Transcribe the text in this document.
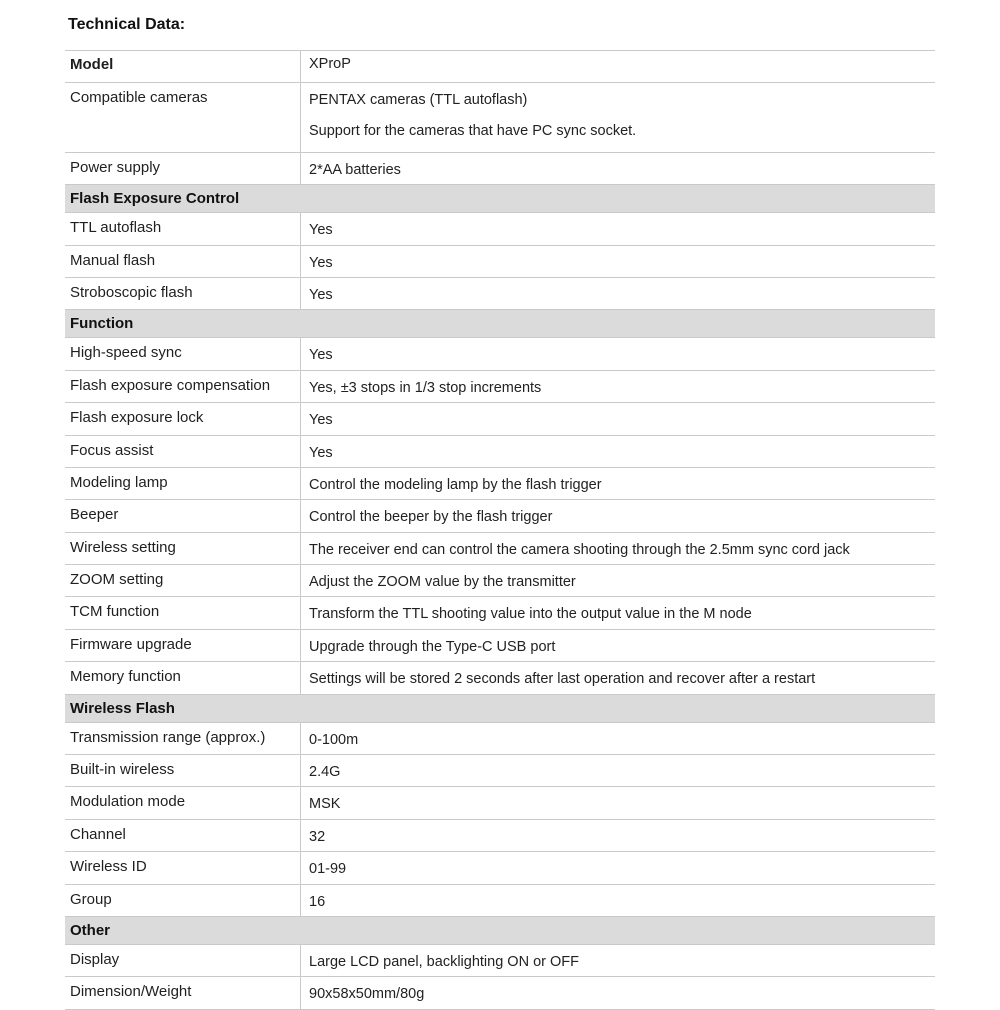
Technical Data:
Model	XProP
Compatible cameras	PENTAX cameras (TTL autoflash)
Support for the cameras that have PC sync socket.
Power supply	2*AA batteries
Flash Exposure Control
TTL autoflash	Yes
Manual flash	Yes
Stroboscopic flash	Yes
Function
High-speed sync	Yes
Flash exposure compensation	Yes, ±3 stops in 1/3 stop increments
Flash exposure lock	Yes
Focus assist	Yes
Modeling lamp	Control the modeling lamp by the flash trigger
Beeper	Control the beeper by the flash trigger
Wireless setting	The receiver end can control the camera shooting through the 2.5mm sync cord jack
ZOOM setting	Adjust the ZOOM value by the transmitter
TCM function	Transform the TTL shooting value into the output value in the M node
Firmware upgrade	Upgrade through the Type-C USB port
Memory function	Settings will be stored 2 seconds after last operation and recover after a restart
Wireless Flash
Transmission range (approx.)	0-100m
Built-in wireless	2.4G
Modulation mode	MSK
Channel	32
Wireless ID	01-99
Group	16
Other
Display	Large LCD panel, backlighting ON or OFF
Dimension/Weight	90x58x50mm/80g
